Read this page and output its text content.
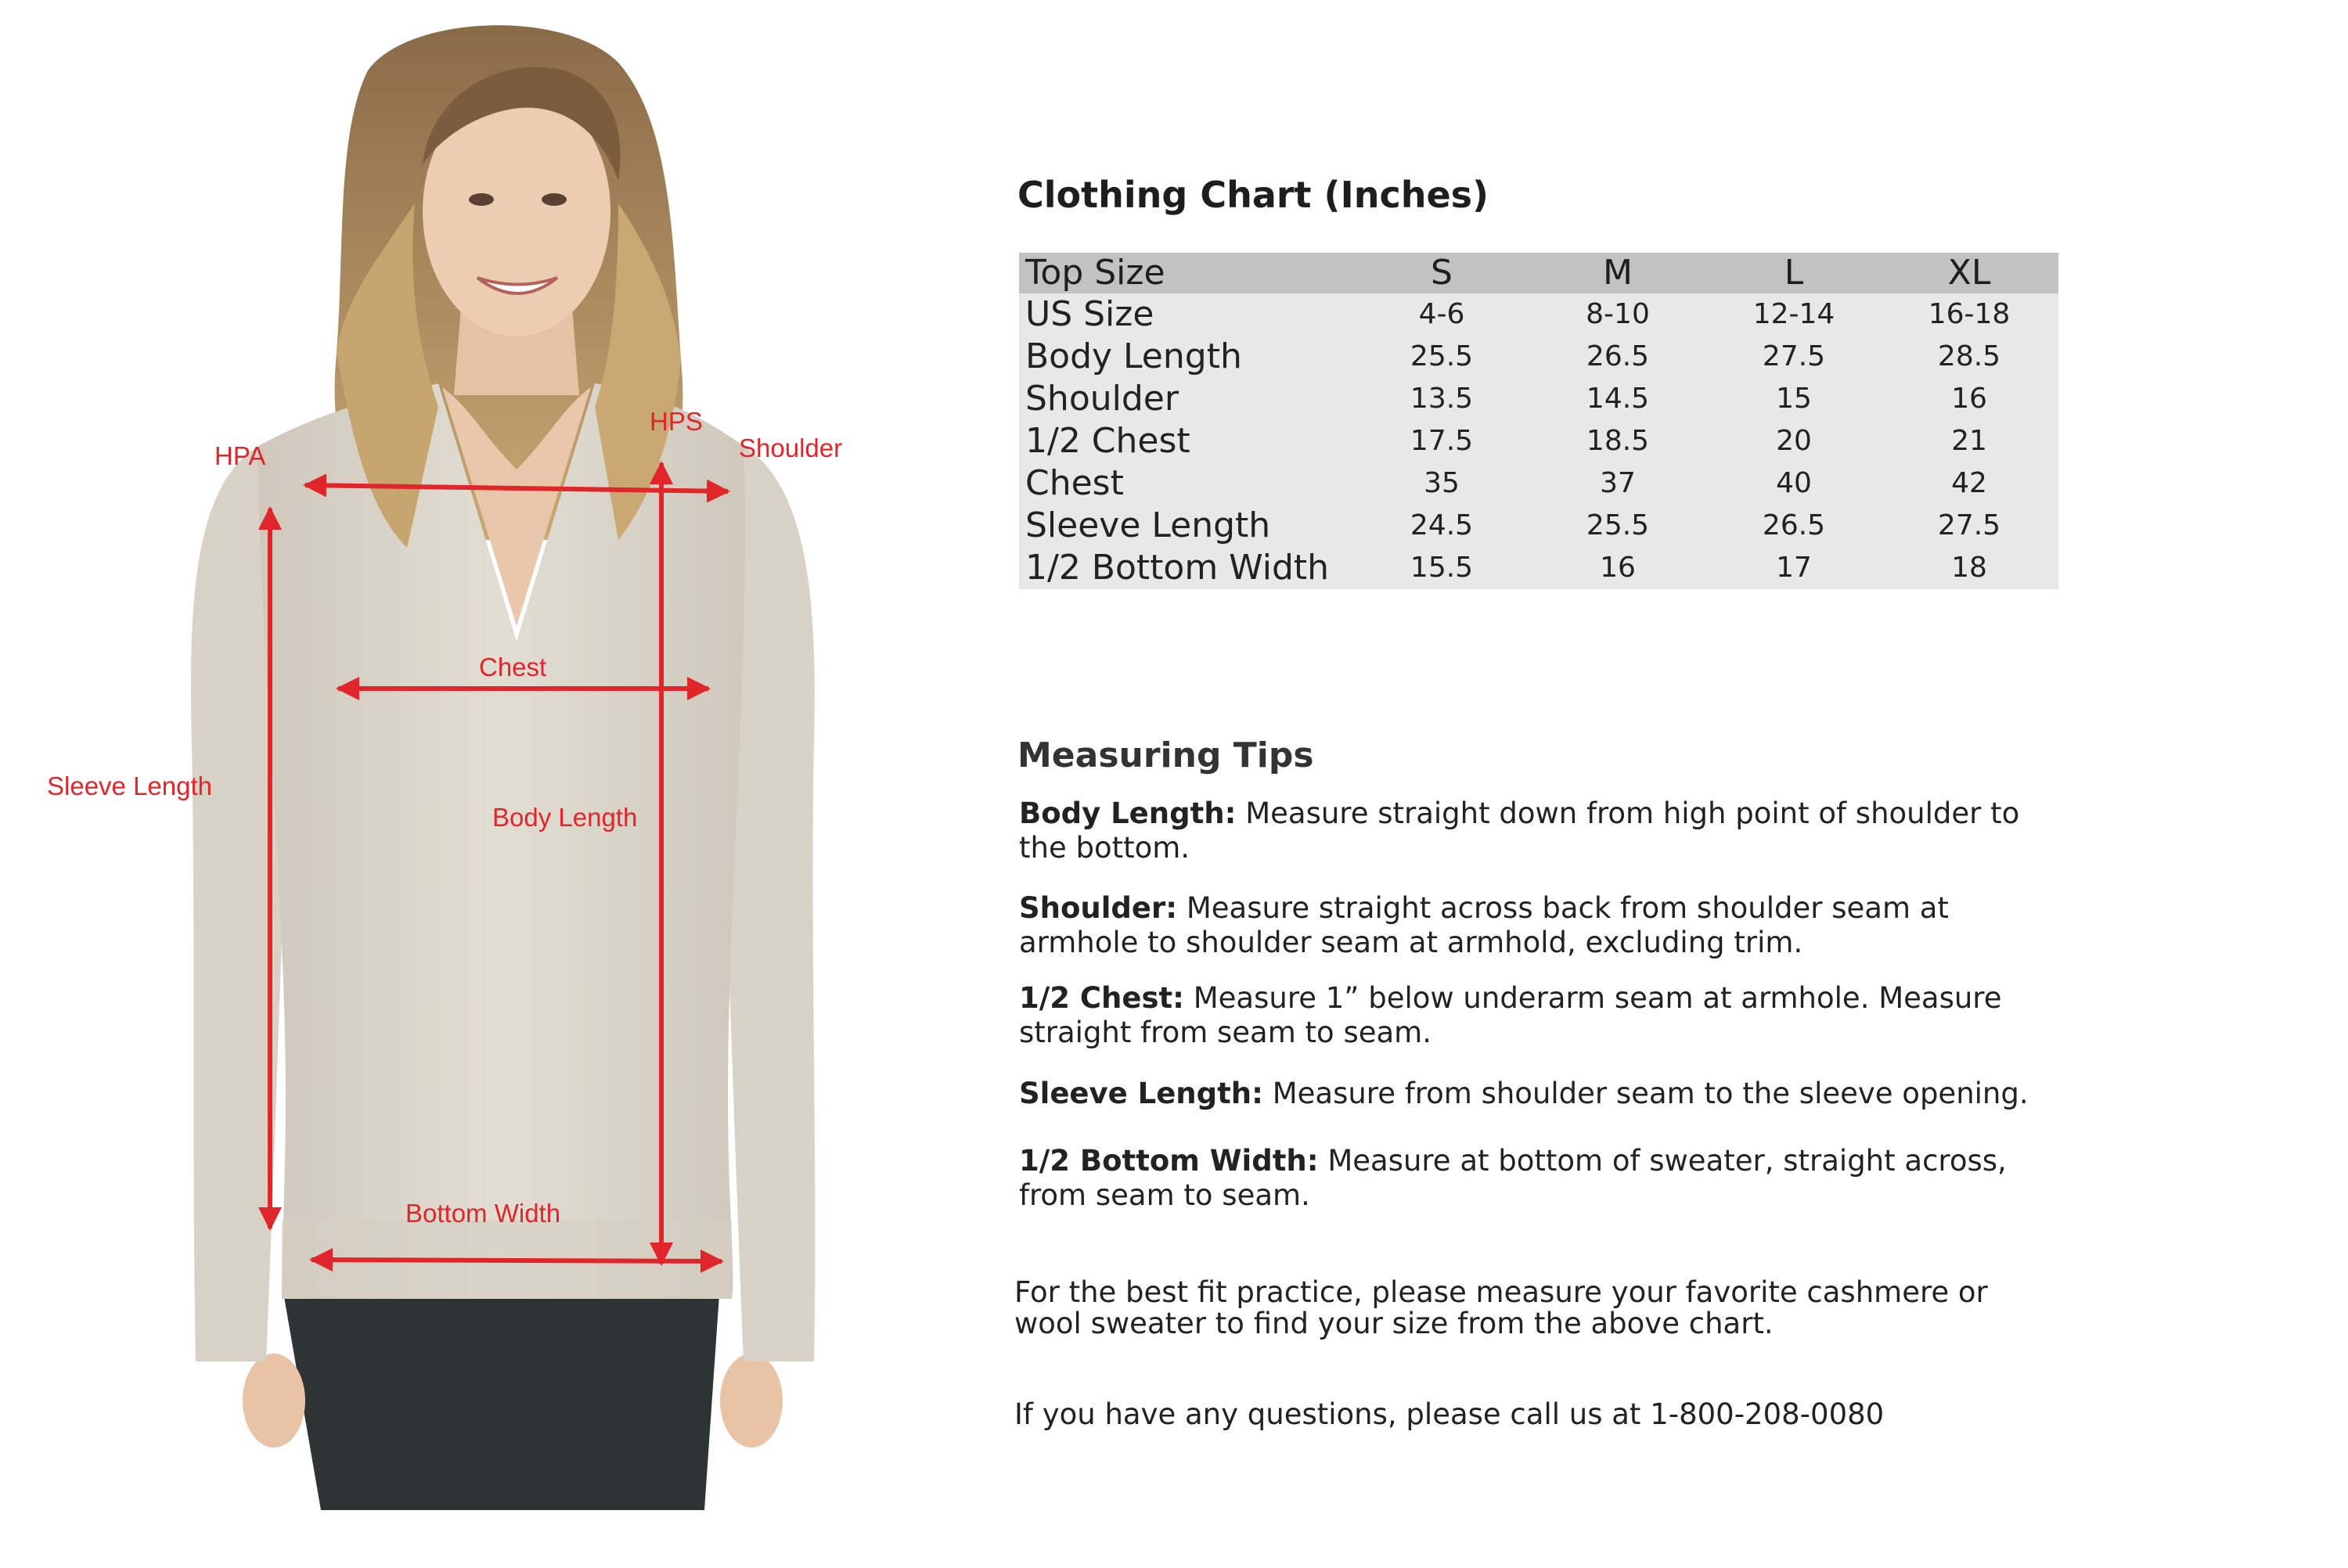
HPA
HPS
Shoulder
Chest
Sleeve Length
Body Length
Bottom Width
Clothing Chart (Inches)
Top Size	S	M	L	XL
US Size	4-6	8-10	12-14	16-18
Body Length	25.5	26.5	27.5	28.5
Shoulder	13.5	14.5	15	16
1/2 Chest	17.5	18.5	20	21
Chest	35	37	40	42
Sleeve Length	24.5	25.5	26.5	27.5
1/2 Bottom Width	15.5	16	17	18
Measuring Tips
Body Length: Measure straight down from high point of shoulder to the bottom.
Shoulder: Measure straight across back from shoulder seam at armhole to shoulder seam at armhold, excluding trim.
1/2 Chest: Measure 1” below underarm seam at armhole. Measure straight from seam to seam.
Sleeve Length: Measure from shoulder seam to the sleeve opening.
1/2 Bottom Width: Measure at bottom of sweater, straight across, from seam to seam.
For the best fit practice, please measure your favorite cashmere or wool sweater to find your size from the above chart.
If you have any questions, please call us at 1-800-208-0080
